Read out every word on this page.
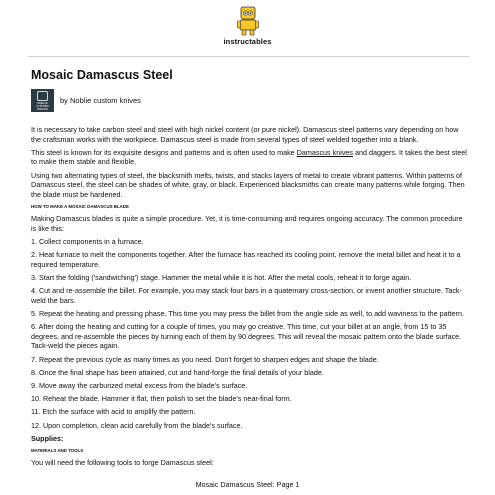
instructables
Mosaic Damascus Steel
NOBLIE CUSTOM KNIVES
by Noblie custom knives

It is necessary to take carbon steel and steel with high nickel content (or pure nickel). Damascus steel patterns vary depending on how the craftsman works with the workpiece. Damascus steel is made from several types of steel welded together into a blank.

This steel is known for its exquisite designs and patterns and is often used to make Damascus knives and daggers. It takes the best steel to make them stable and flexible.

Using two alternating types of steel, the blacksmith melts, twists, and stacks layers of metal to create vibrant patterns. Within patterns of Damascus steel, the steel can be shades of white, gray, or black. Experienced blacksmiths can create many patterns while forging. Then the blade must be hardened.

HOW TO MAKE A MOSAIC DAMASCUS BLADE

Making Damascus blades is quite a simple procedure. Yet, it is time-consuming and requires ongoing accuracy. The common procedure is like this:

1. Collect components in a furnace.

2. Heat furnace to melt the components together. After the furnace has reached its cooling point, remove the metal billet and heat it to a required temperature.

3. Start the folding ('sandwiching') stage. Hammer the metal while it is hot. After the metal cools, reheat it to forge again.

4. Cut and re-assemble the billet. For example, you may stack four bars in a quaternary cross-section, or invent another structure. Tack-weld the bars.

5. Repeat the heating and pressing phase. This time you may press the billet from the angle side as well, to add waviness to the pattern.

6. After doing the heating and cutting for a couple of times, you may go creative. This time, cut your billet at an angle, from 15 to 35 degrees, and re-assemble the pieces by turning each of them by 90 degrees. This will reveal the mosaic pattern onto the blade surface. Tack-weld the pieces again.

7. Repeat the previous cycle as many times as you need. Don't forget to sharpen edges and shape the blade.

8. Once the final shape has been attained, cut and hand-forge the final details of your blade.

9. Move away the carburized metal excess from the blade's surface.

10. Reheat the blade. Hammer it flat, then polish to set the blade's near-final form.

11. Etch the surface with acid to amplify the pattern.

12. Upon completion, clean acid carefully from the blade's surface.

Supplies:
MATERIALS AND TOOLS

You will need the following tools to forge Damascus steel:

Mosaic Damascus Steel: Page 1
